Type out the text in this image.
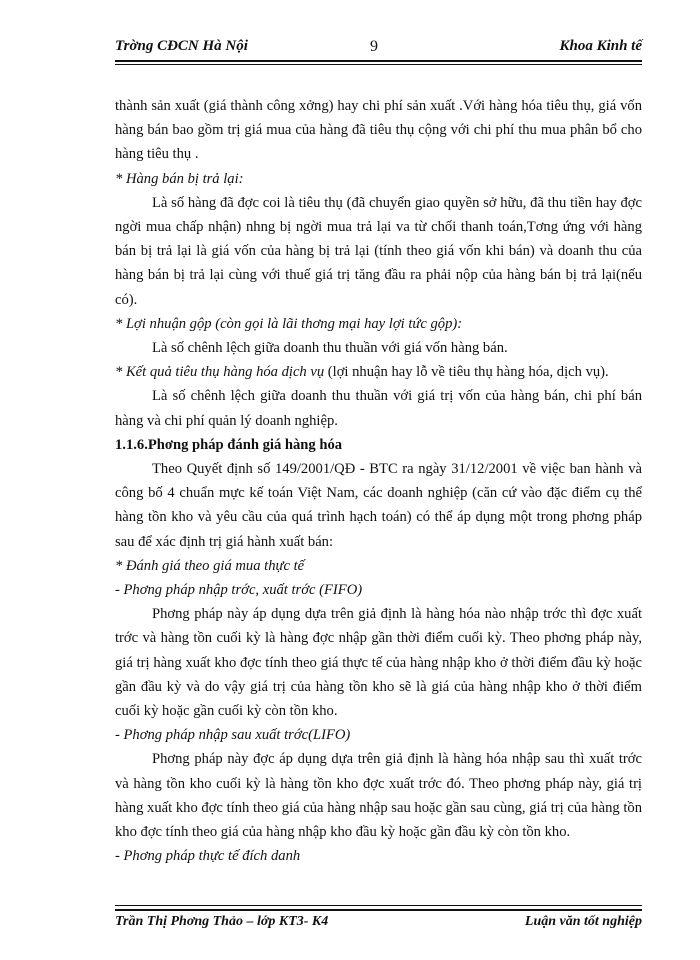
Trờng CĐCN Hà Nội	9	Khoa Kinh tế

thành sản xuất (giá thành công xởng) hay chi phí sản xuất .Với hàng hóa tiêu thụ, giá vốn hàng bán bao gồm trị giá mua của hàng đã tiêu thụ cộng với chi phí thu mua phân bổ cho hàng tiêu thụ .

* Hàng bán bị trả lại:

Là số hàng đã đợc coi là tiêu thụ (đã chuyển giao quyền sở hữu, đã thu tiền hay đợc ngời mua chấp nhận) nhng bị ngời mua trả lại va từ chối thanh toán,Tơng ứng với hàng bán bị trả lại là giá vốn của hàng bị trả lại (tính theo giá vốn khi bán) và doanh thu của hàng bán bị trả lại cùng với thuế giá trị tăng đầu ra phải nộp của hàng bán bị trả lại(nếu có).

* Lợi nhuận gộp (còn gọi là lãi thơng mại hay lợi tức gộp):

Là số chênh lệch giữa doanh thu thuần với giá vốn hàng bán.

* Kết quả tiêu thụ hàng hóa dịch vụ (lợi nhuận hay lỗ về tiêu thụ hàng hóa, dịch vụ).

Là số chênh lệch giữa doanh thu thuần với giá trị vốn của hàng bán, chi phí bán hàng và chi phí quản lý doanh nghiệp.

1.1.6.Phơng pháp đánh giá hàng hóa

Theo Quyết định số 149/2001/QĐ - BTC ra ngày 31/12/2001 về việc ban hành và công bố 4 chuẩn mực kế toán Việt Nam, các doanh nghiệp (căn cứ vào đặc điểm cụ thể hàng tồn kho và yêu cầu của quá trình hạch toán) có thể áp dụng một trong phơng pháp sau để xác định trị giá hành xuất bán:

* Đánh giá theo giá mua thực tế

- Phơng pháp nhập trớc, xuất trớc (FIFO)

Phơng pháp này áp dụng dựa trên giả định là hàng hóa nào nhập trớc thì đợc xuất trớc và hàng tồn cuối kỳ là hàng đợc nhập gần thời điểm cuối kỳ. Theo phơng pháp này, giá trị hàng xuất kho đợc tính theo giá thực tế của hàng nhập kho ở thời điểm đầu kỳ hoặc gần đầu kỳ và do vậy giá trị của hàng tồn kho sẽ là giá của hàng nhập kho ở thời điểm cuối kỳ hoặc gần cuối kỳ còn tồn kho.

- Phơng pháp nhập sau xuất trớc(LIFO)

Phơng pháp này đợc áp dụng dựa trên giả định là hàng hóa nhập sau thì xuất trớc và hàng tồn kho cuối kỳ là hàng tồn kho đợc xuất trớc đó. Theo phơng pháp này, giá trị hàng xuất kho đợc tính theo giá của hàng nhập sau hoặc gần sau cùng, giá trị của hàng tồn kho đợc tính theo giá của hàng nhập kho đầu kỳ hoặc gần đầu kỳ còn tồn kho.

- Phơng pháp thực tế đích danh

Trần Thị Phơng Thảo – lớp KT3- K4	Luận văn tốt nghiệp
